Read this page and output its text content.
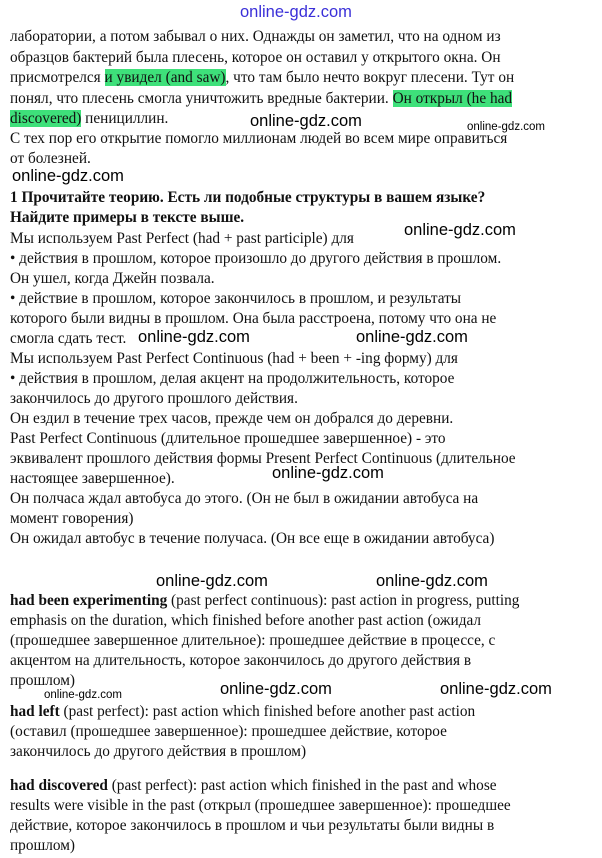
online-gdz.com
лаборатории, а потом забывал о них. Однажды он заметил, что на одном из
образцов бактерий была плесень, которое он оставил у открытого окна. Он
присмотрелся и увидел (and saw), что там было нечто вокруг плесени. Тут он
понял, что плесень смогла уничтожить вредные бактерии. Он открыл (he had
discovered) пенициллин.
С тех пор его открытие помогло миллионам людей во всем мире оправиться
от болезней.
1 Прочитайте теорию. Есть ли подобные структуры в вашем языке?
Найдите примеры в тексте выше.
Мы используем Past Perfect (had + past participle) для
• действия в прошлом, которое произошло до другого действия в прошлом.
Он ушел, когда Джейн позвала.
• действие в прошлом, которое закончилось в прошлом, и результаты
которого были видны в прошлом. Она была расстроена, потому что она не
смогла сдать тест.
Мы используем Past Perfect Continuous (had + been + -ing форму) для
• действия в прошлом, делая акцент на продолжительность, которое
закончилось до другого прошлого действия.
Он ездил в течение трех часов, прежде чем он добрался до деревни.
Past Perfect Continuous (длительное прошедшее завершенное) - это
эквивалент прошлого действия формы Present Perfect Continuous (длительное
настоящее завершенное).
Он полчаса ждал автобуса до этого. (Он не был в ожидании автобуса на
момент говорения)
Он ожидал автобус в течение получаса. (Он все еще в ожидании автобуса)
had been experimenting (past perfect continuous): past action in progress, putting
emphasis on the duration, which finished before another past action (ожидал
(прошедшее завершенное длительное): прошедшее действие в процессе, с
акцентом на длительность, которое закончилось до другого действия в
прошлом)
had left (past perfect): past action which finished before another past action
(оставил (прошедшее завершенное): прошедшее действие, которое
закончилось до другого действия в прошлом)
had discovered (past perfect): past action which finished in the past and whose
results were visible in the past (открыл (прошедшее завершенное): прошедшее
действие, которое закончилось в прошлом и чьи результаты были видны в
прошлом)
online-gdz.com	online-gdz.com
online-gdz.com
online-gdz.com
online-gdz.com	online-gdz.com
online-gdz.com
online-gdz.com	online-gdz.com
online-gdz.com	online-gdz.com
online-gdz.com
